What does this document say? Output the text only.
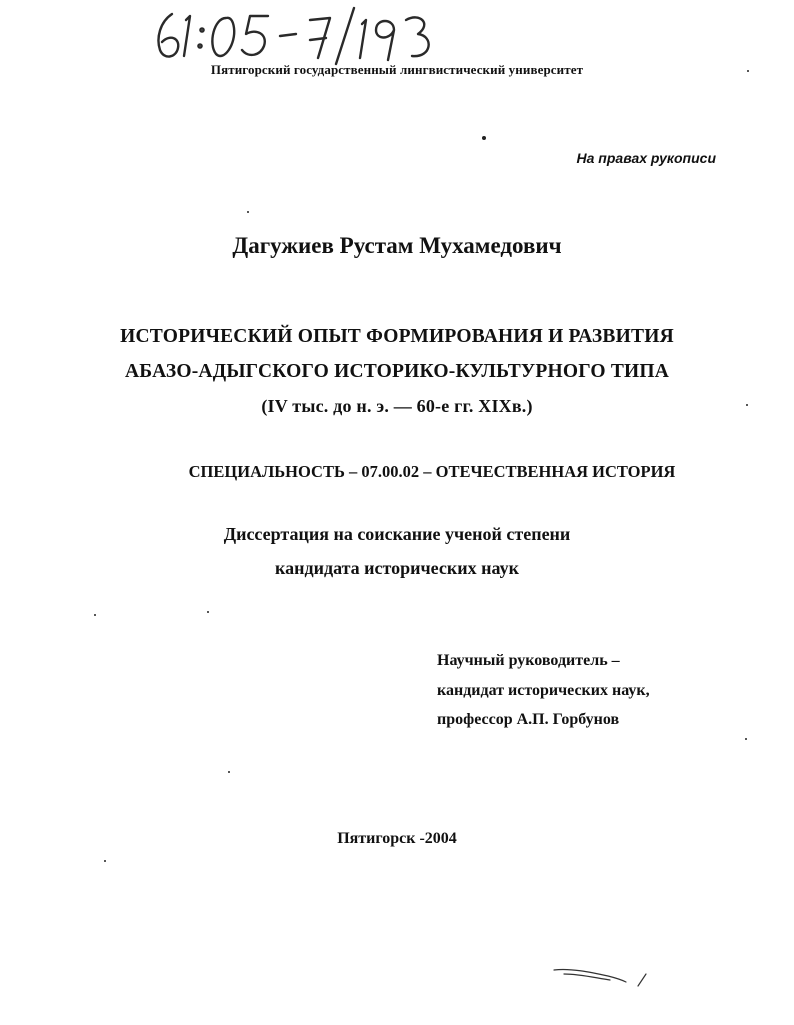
Пятигорский государственный лингвистический университет
На правах рукописи
Дагужиев Рустам Мухамедович
ИСТОРИЧЕСКИЙ ОПЫТ ФОРМИРОВАНИЯ И РАЗВИТИЯ
АБАЗО-АДЫГСКОГО ИСТОРИКО-КУЛЬТУРНОГО ТИПА
(IV тыс. до н. э. — 60-е гг. XIXв.)
СПЕЦИАЛЬНОСТЬ – 07.00.02 – ОТЕЧЕСТВЕННАЯ ИСТОРИЯ
Диссертация на соискание ученой степени
кандидата исторических наук
Научный руководитель –
кандидат исторических наук,
профессор А.П. Горбунов
Пятигорск -2004
